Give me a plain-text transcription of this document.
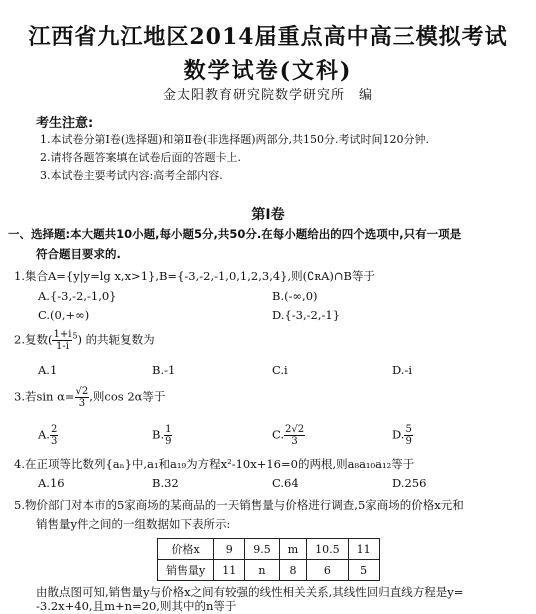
江西省九江地区2014届重点高中高三模拟考试
数学试卷(文科)
金太阳教育研究院数学研究所　编
考生注意:
1.本试卷分第Ⅰ卷(选择题)和第Ⅱ卷(非选择题)两部分,共150分.考试时间120分钟.
2.请将各题答案填在试卷后面的答题卡上.
3.本试卷主要考试内容:高考全部内容.
第Ⅰ卷
一、选择题:本大题共10小题,每小题5分,共50分.在每小题给出的四个选项中,只有一项是
符合题目要求的.
1.集合A={y|y=lg x,x>1},B={-3,-2,-1,0,1,2,3,4},则(∁ʀA)∩B等于
A.{-3,-2,-1,0}	B.(-∞,0)
C.(0,+∞)	D.{-3,-2,-1}
2.复数( $\frac{1+i}{1-i} ^5$) 的共轭复数为
A.1	B.-1	C.i	D.-i
3.若$\sin \alpha= \frac{√2}{3}$ ,则cos 2α等于
A. $\frac{2}{3}$	B. $\frac{1}{9}$	C. $\frac{2√2}{3}$	D. $\frac{5}{9}$
4.在正项等比数列{aₙ}中,a₁和a₁₉为方程x²-10x+16=0的两根,则a₈a₁₀a₁₂等于
A.16	B.32	C.64	D.256
5.物价部门对本市的5家商场的某商品的一天销售量与价格进行调查,5家商场的价格x元和
销售量y件之间的一组数据如下表所示:
价格x	9	9.5	m	10.5	11
销售量y	11	n	8	6	5
由散点图可知,销售量y与价格x之间有较强的线性相关关系,其线性回归直线方程是y=
-3.2x+40,且m+n=20,则其中的n等于
